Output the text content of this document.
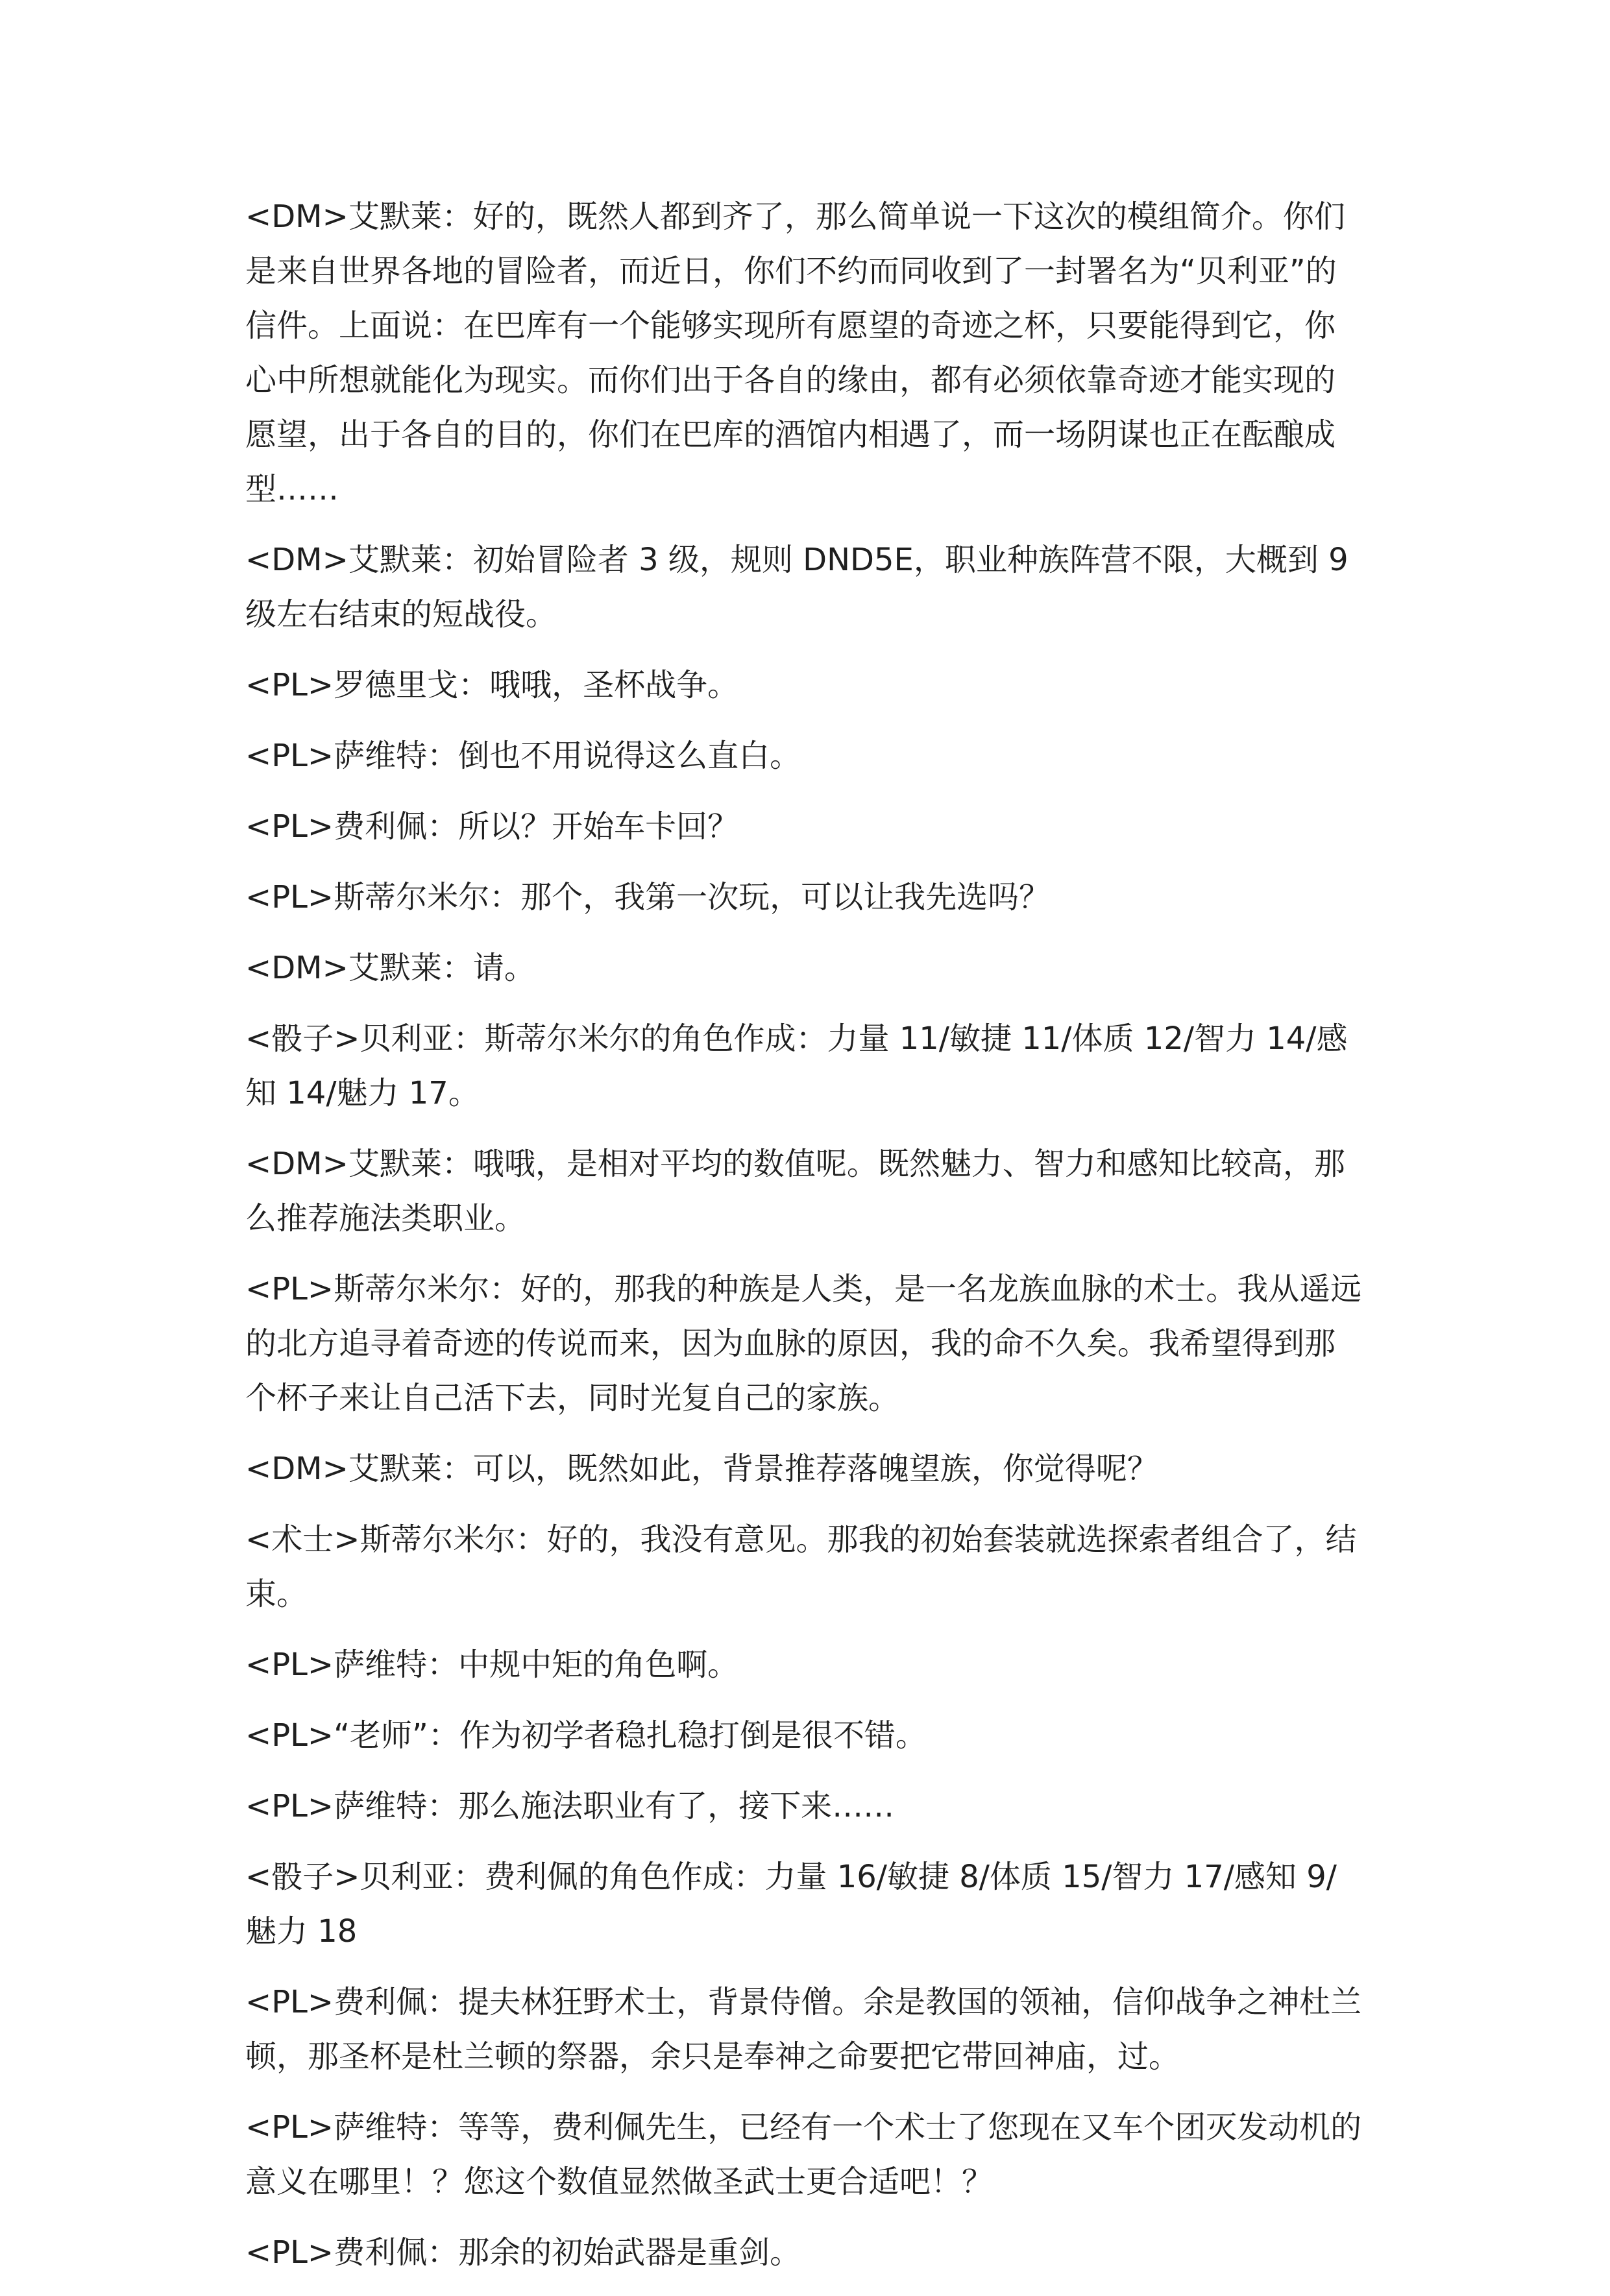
<DM>艾默莱：好的，既然人都到齐了，那么简单说一下这次的模组简介。你们是来自世界各地的冒险者，而近日，你们不约而同收到了一封署名为“贝利亚”的信件。上面说：在巴库有一个能够实现所有愿望的奇迹之杯，只要能得到它，你心中所想就能化为现实。而你们出于各自的缘由，都有必须依靠奇迹才能实现的愿望，出于各自的目的，你们在巴库的酒馆内相遇了，而一场阴谋也正在酝酿成型……

<DM>艾默莱：初始冒险者 3 级，规则 DND5E，职业种族阵营不限，大概到 9 级左右结束的短战役。

<PL>罗德里戈：哦哦，圣杯战争。

<PL>萨维特：倒也不用说得这么直白。

<PL>费利佩：所以？开始车卡回？

<PL>斯蒂尔米尔：那个，我第一次玩，可以让我先选吗？

<DM>艾默莱：请。

<骰子>贝利亚：斯蒂尔米尔的角色作成：力量 11/敏捷 11/体质 12/智力 14/感知 14/魅力 17。

<DM>艾默莱：哦哦，是相对平均的数值呢。既然魅力、智力和感知比较高，那么推荐施法类职业。

<PL>斯蒂尔米尔：好的，那我的种族是人类，是一名龙族血脉的术士。我从遥远的北方追寻着奇迹的传说而来，因为血脉的原因，我的命不久矣。我希望得到那个杯子来让自己活下去，同时光复自己的家族。

<DM>艾默莱：可以，既然如此，背景推荐落魄望族，你觉得呢？

<术士>斯蒂尔米尔：好的，我没有意见。那我的初始套装就选探索者组合了，结束。

<PL>萨维特：中规中矩的角色啊。

<PL>“老师”：作为初学者稳扎稳打倒是很不错。

<PL>萨维特：那么施法职业有了，接下来……

<骰子>贝利亚：费利佩的角色作成：力量 16/敏捷 8/体质 15/智力 17/感知 9/魅力 18

<PL>费利佩：提夫林狂野术士，背景侍僧。余是教国的领袖，信仰战争之神杜兰顿，那圣杯是杜兰顿的祭器，余只是奉神之命要把它带回神庙，过。

<PL>萨维特：等等，费利佩先生，已经有一个术士了您现在又车个团灭发动机的意义在哪里！？您这个数值显然做圣武士更合适吧！？

<PL>费利佩：那余的初始武器是重剑。
